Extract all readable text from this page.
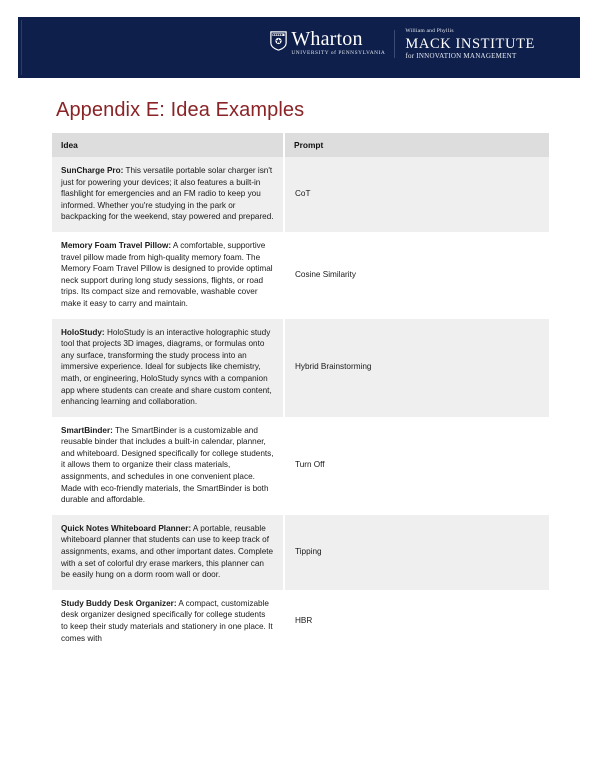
Wharton
UNIVERSITY of PENNSYLVANIA
William and Phyllis
MACK INSTITUTE
for INNOVATION MANAGEMENT
Appendix E: Idea Examples
Idea	Prompt
SunCharge Pro: This versatile portable solar charger isn't just for powering your devices; it also features a built-in flashlight for emergencies and an FM radio to keep you informed. Whether you're studying in the park or backpacking for the weekend, stay powered and prepared.	CoT
Memory Foam Travel Pillow: A comfortable, supportive travel pillow made from high-quality memory foam. The Memory Foam Travel Pillow is designed to provide optimal neck support during long study sessions, flights, or road trips. Its compact size and removable, washable cover make it easy to carry and maintain.	Cosine Similarity
HoloStudy: HoloStudy is an interactive holographic study tool that projects 3D images, diagrams, or formulas onto any surface, transforming the study process into an immersive experience. Ideal for subjects like chemistry, math, or engineering, HoloStudy syncs with a companion app where students can create and share custom content, enhancing learning and collaboration.	Hybrid Brainstorming
SmartBinder: The SmartBinder is a customizable and reusable binder that includes a built-in calendar, planner, and whiteboard. Designed specifically for college students, it allows them to organize their class materials, assignments, and schedules in one convenient place. Made with eco-friendly materials, the SmartBinder is both durable and affordable.	Turn Off
Quick Notes Whiteboard Planner: A portable, reusable whiteboard planner that students can use to keep track of assignments, exams, and other important dates. Complete with a set of colorful dry erase markers, this planner can be easily hung on a dorm room wall or door.	Tipping
Study Buddy Desk Organizer: A compact, customizable desk organizer designed specifically for college students to keep their study materials and stationery in one place. It comes with	HBR
